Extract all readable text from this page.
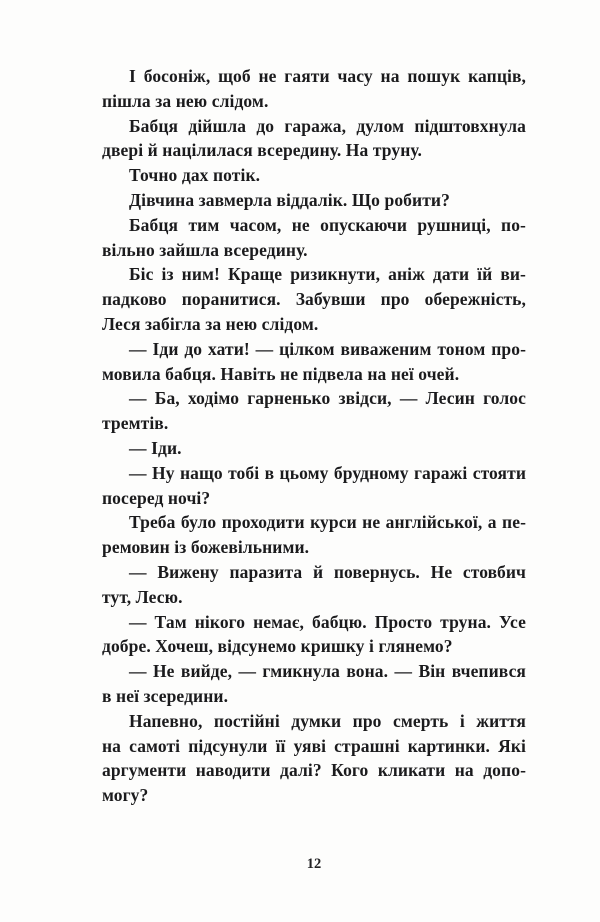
І босоніж, щоб не гаяти часу на пошук капців,
пішла за нею слідом.
Бабця дійшла до гаража, дулом підштовхнула
двері й націлилася всередину. На труну.
Точно дах потік.
Дівчина завмерла віддалік. Що робити?
Бабця тим часом, не опускаючи рушниці, по-
вільно зайшла всередину.
Біс із ним! Краще ризикнути, аніж дати їй ви-
падково поранитися. Забувши про обережність,
Леся забігла за нею слідом.
— Іди до хати! — цілком виваженим тоном про-
мовила бабця. Навіть не підвела на неї очей.
— Ба, ходімо гарненько звідси, — Лесин голос
тремтів.
— Іди.
— Ну нащо тобі в цьому брудному гаражі стояти
посеред ночі?
Треба було проходити курси не англійської, а пе-
ремовин із божевільними.
— Вижену паразита й повернусь. Не стовбич
тут, Лесю.
— Там нікого немає, бабцю. Просто труна. Усе
добре. Хочеш, відсунемо кришку і глянемо?
— Не вийде, — гмикнула вона. — Він вчепився
в неї зсередини.
Напевно, постійні думки про смерть і життя
на самоті підсунули її уяві страшні картинки. Які
аргументи наводити далі? Кого кликати на допо-
могу?
12
